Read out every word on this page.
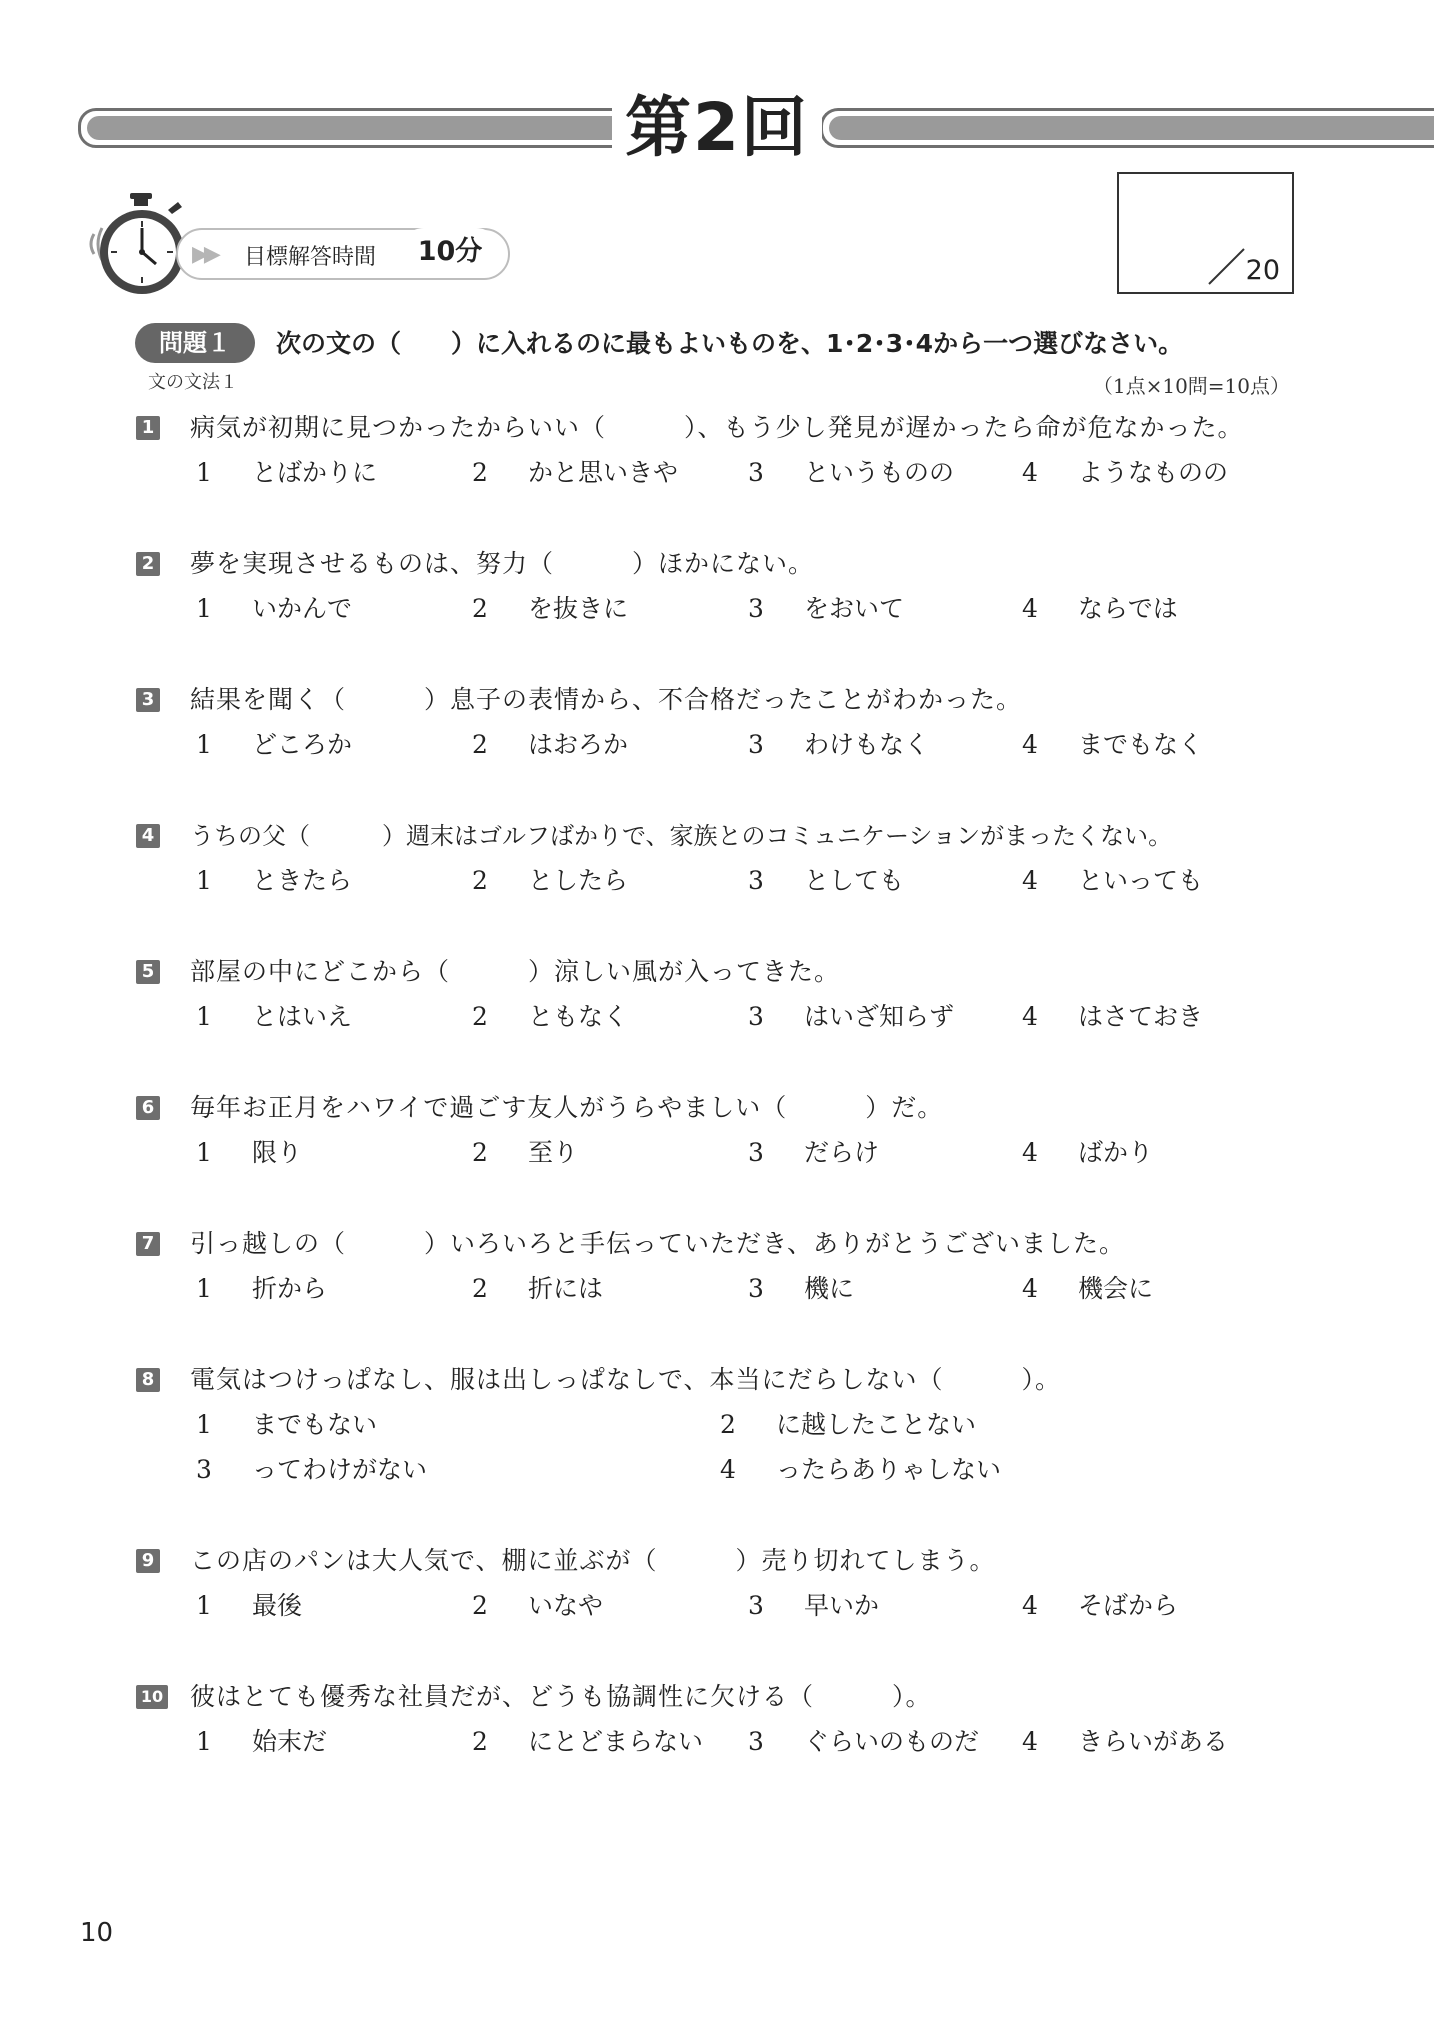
第2回
▶ ▶ 目標解答時間	10分
20
問題１	次の文の（　　）に入れるのに最もよいものを、1･2･3･4から一つ選びなさい。
文の文法１	（1点×10問=10点）
1 病気が初期に見つかったからいい（　　　）、もう少し発見が遅かったら命が危なかった。
1 とばかりに	2 かと思いきや	3 というものの	4 ようなものの
2 夢を実現させるものは、努力（　　　）ほかにない。
1 いかんで	2 を抜きに	3 をおいて	4 ならでは
3 結果を聞く（　　　）息子の表情から、不合格だったことがわかった。
1 どころか	2 はおろか	3 わけもなく	4 までもなく
4 うちの父（　　　）週末はゴルフばかりで、家族とのコミュニケーションがまったくない。
1 ときたら	2 としたら	3 としても	4 といっても
5 部屋の中にどこから（　　　）涼しい風が入ってきた。
1 とはいえ	2 ともなく	3 はいざ知らず	4 はさておき
6 毎年お正月をハワイで過ごす友人がうらやましい（　　　）だ。
1 限り	2 至り	3 だらけ	4 ばかり
7 引っ越しの（　　　）いろいろと手伝っていただき、ありがとうございました。
1 折から	2 折には	3 機に	4 機会に
8 電気はつけっぱなし、服は出しっぱなしで、本当にだらしない（　　　）。
1 までもない	2 に越したことない
3 ってわけがない	4 ったらありゃしない
9 この店のパンは大人気で、棚に並ぶが（　　　）売り切れてしまう。
1 最後	2 いなや	3 早いか	4 そばから
10 彼はとても優秀な社員だが、どうも協調性に欠ける（　　　）。
1 始末だ	2 にとどまらない 3 ぐらいのものだ 4 きらいがある
10
